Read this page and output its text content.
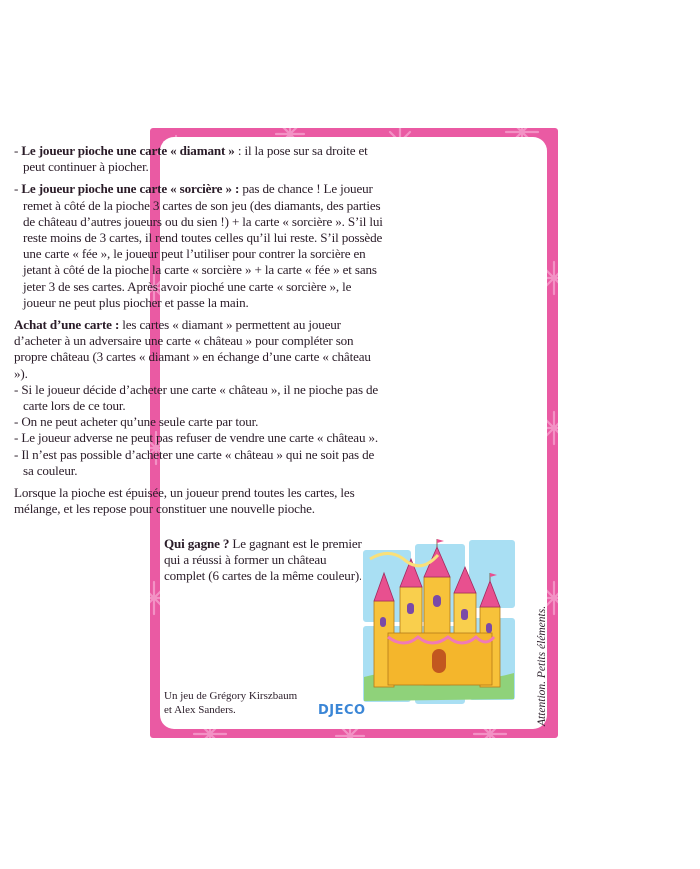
- Le joueur pioche une carte « diamant » : il la pose sur sa droite et peut continuer à piocher.

- Le joueur pioche une carte « sorcière » : pas de chance ! Le joueur remet à côté de la pioche 3 cartes de son jeu (des diamants, des parties de château d’autres joueurs ou du sien !) + la carte « sorcière ». S’il lui reste moins de 3 cartes, il rend toutes celles qu’il lui reste. S’il possède une carte « fée », le joueur peut l’utiliser pour contrer la sorcière en jetant à côté de la pioche la carte « sorcière » + la carte « fée » et sans jeter 3 de ses cartes. Après avoir pioché une carte « sorcière », le joueur ne peut plus piocher et passe la main.

Achat d’une carte : les cartes « diamant » permettent au joueur d’acheter à un adversaire une carte « château » pour compléter son propre château (3 cartes « diamant » en échange d’une carte « château »).

- Si le joueur décide d’acheter une carte « château », il ne pioche pas de carte lors de ce tour.

- On ne peut acheter qu’une seule carte par tour.

- Le joueur adverse ne peut pas refuser de vendre une carte « château ».

- Il n’est pas possible d’acheter une carte « château » qui ne soit pas de sa couleur.

Lorsque la pioche est épuisée, un joueur prend toutes les cartes, les mélange, et les repose pour constituer une nouvelle pioche.

Qui gagne ? Le gagnant est le premier qui a réussi à former un château complet (6 cartes de la même couleur).
Un jeu de Grégory Kirszbaum
et Alex Sanders.	DJECO	Attention. Petits éléments.
